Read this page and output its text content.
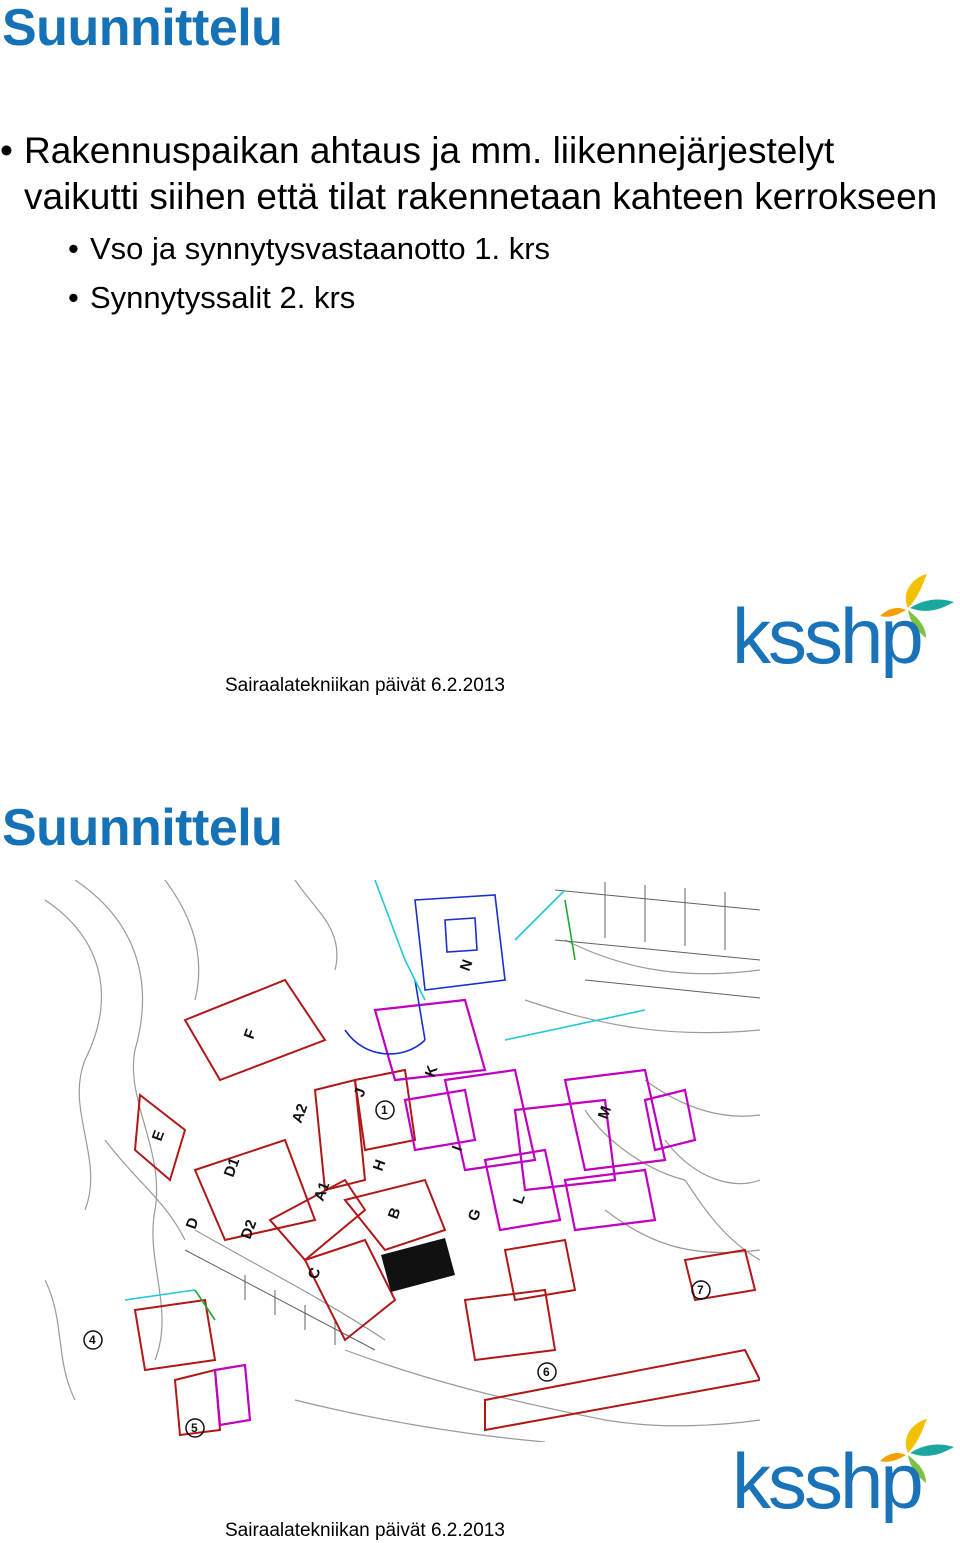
Suunnittelu
• Rakennuspaikan ahtaus ja mm. liikennejärjestelyt vaikutti siihen että tilat rakennetaan kahteen kerrokseen
• Vso ja synnytysvastaanotto 1. krs
• Synnytyssalit 2. krs
ksshp
Sairaalatekniikan päivät 6.2.2013
Suunnittelu
F
E
D
D1
D2
A1
A2
C
B
H
J
K
N
I
G
L
M
1
4
5
6
7
ksshp
Sairaalatekniikan päivät 6.2.2013
